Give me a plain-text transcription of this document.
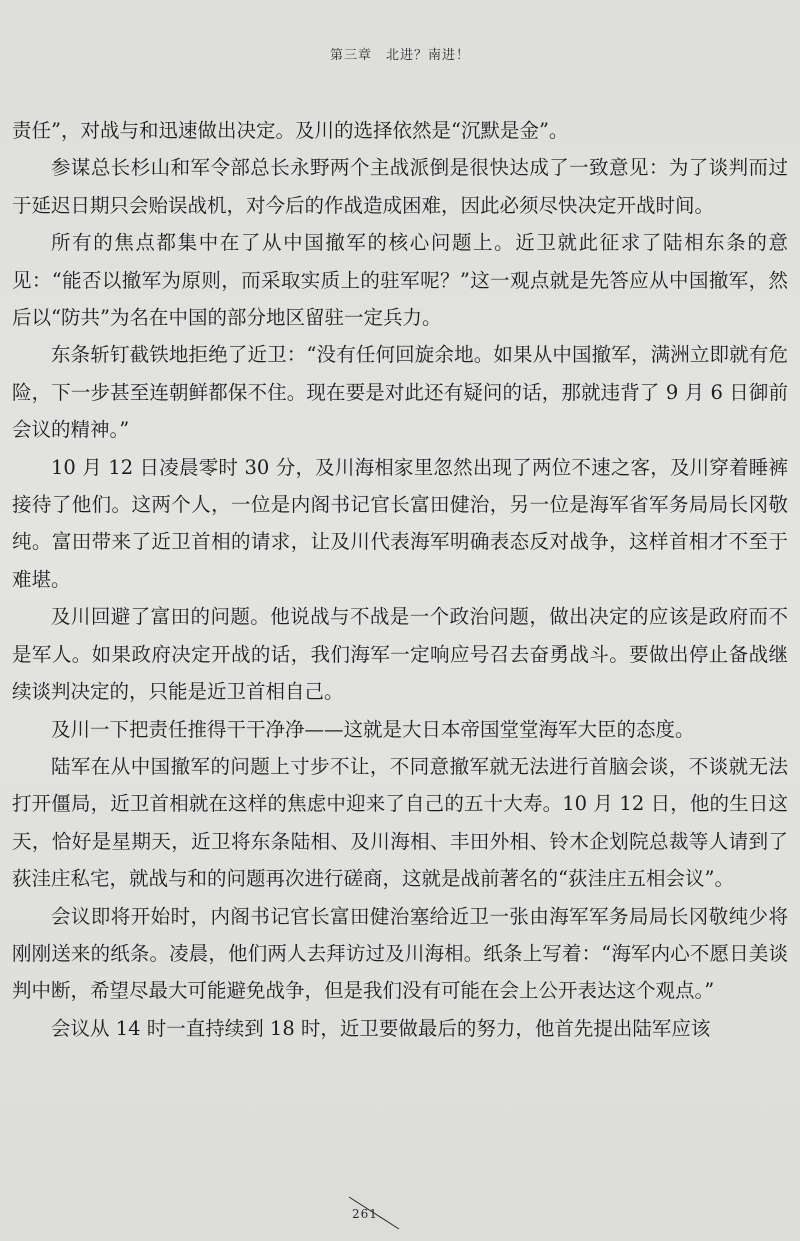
第三章　北进？南进！

责任”，对战与和迅速做出决定。及川的选择依然是“沉默是金”。

参谋总长杉山和军令部总长永野两个主战派倒是很快达成了一致意见：为了谈判而过于延迟日期只会贻误战机，对今后的作战造成困难，因此必须尽快决定开战时间。

所有的焦点都集中在了从中国撤军的核心问题上。近卫就此征求了陆相东条的意见：“能否以撤军为原则，而采取实质上的驻军呢？”这一观点就是先答应从中国撤军，然后以“防共”为名在中国的部分地区留驻一定兵力。

东条斩钉截铁地拒绝了近卫：“没有任何回旋余地。如果从中国撤军，满洲立即就有危险，下一步甚至连朝鲜都保不住。现在要是对此还有疑问的话，那就违背了 9 月 6 日御前会议的精神。”

10 月 12 日凌晨零时 30 分，及川海相家里忽然出现了两位不速之客，及川穿着睡裤接待了他们。这两个人，一位是内阁书记官长富田健治，另一位是海军省军务局局长冈敬纯。富田带来了近卫首相的请求，让及川代表海军明确表态反对战争，这样首相才不至于难堪。

及川回避了富田的问题。他说战与不战是一个政治问题，做出决定的应该是政府而不是军人。如果政府决定开战的话，我们海军一定响应号召去奋勇战斗。要做出停止备战继续谈判决定的，只能是近卫首相自己。

及川一下把责任推得干干净净——这就是大日本帝国堂堂海军大臣的态度。

陆军在从中国撤军的问题上寸步不让，不同意撤军就无法进行首脑会谈，不谈就无法打开僵局，近卫首相就在这样的焦虑中迎来了自己的五十大寿。10 月 12 日，他的生日这天，恰好是星期天，近卫将东条陆相、及川海相、丰田外相、铃木企划院总裁等人请到了荻洼庄私宅，就战与和的问题再次进行磋商，这就是战前著名的“荻洼庄五相会议”。

会议即将开始时，内阁书记官长富田健治塞给近卫一张由海军军务局局长冈敬纯少将刚刚送来的纸条。凌晨，他们两人去拜访过及川海相。纸条上写着：“海军内心不愿日美谈判中断，希望尽最大可能避免战争，但是我们没有可能在会上公开表达这个观点。”

会议从 14 时一直持续到 18 时，近卫要做最后的努力，他首先提出陆军应该

261
